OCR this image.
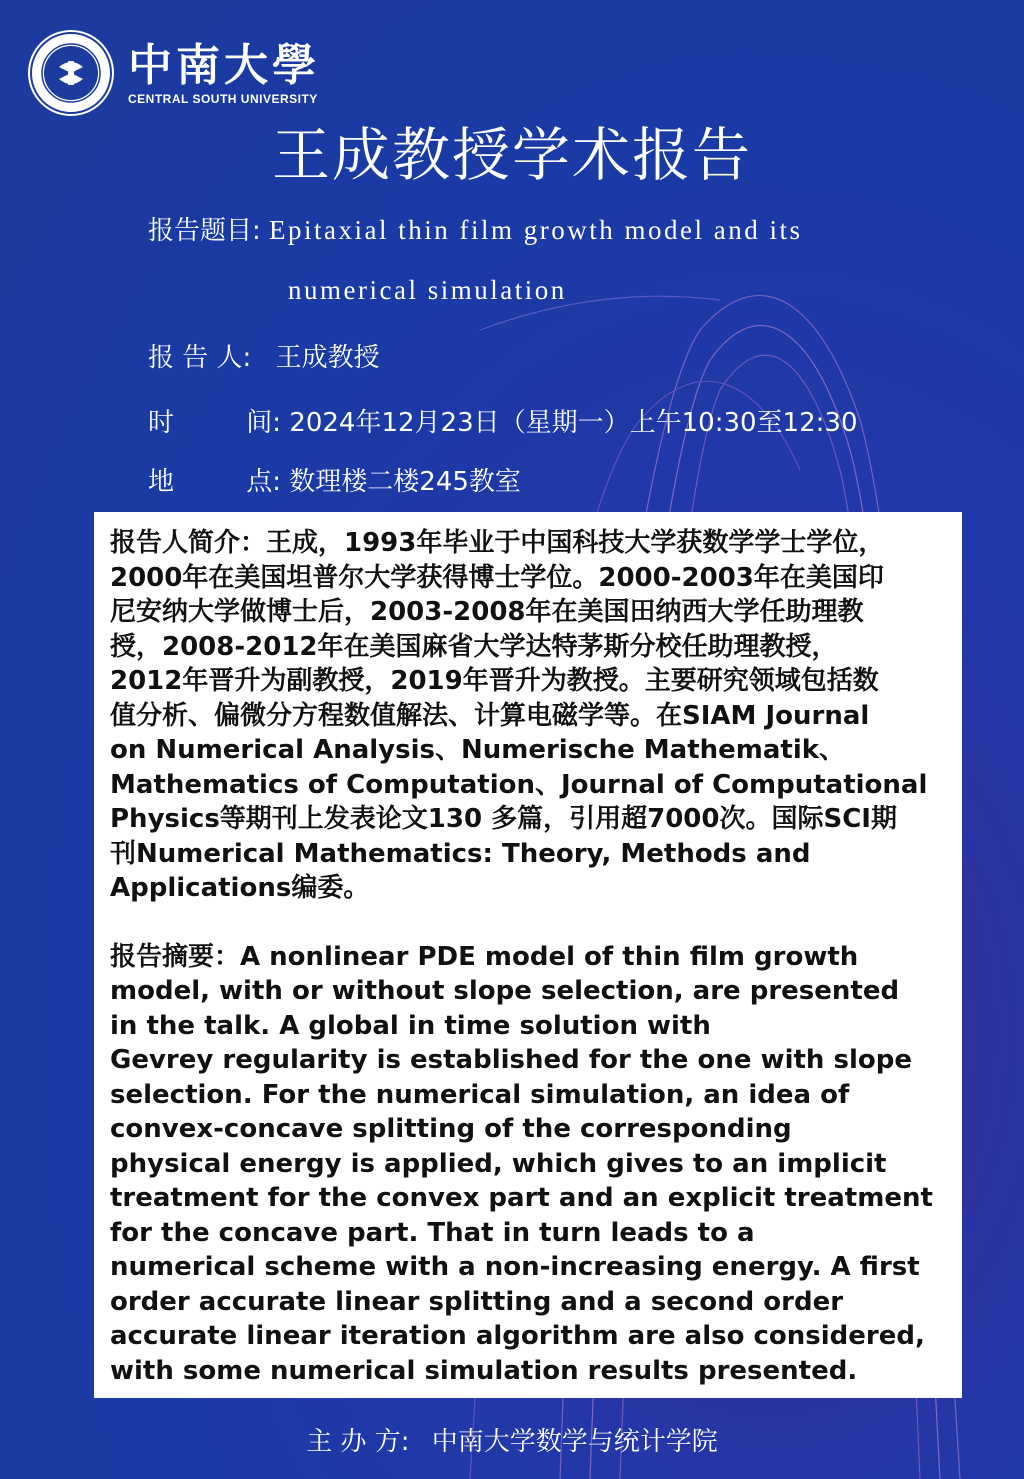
中南大學
CENTRAL SOUTH UNIVERSITY
王成教授学术报告
报告题目: Epitaxial thin film growth model and its
numerical simulation
报 告 人: 王成教授
时	间: 2024年12月23日（星期一）上午10:30至12:30
地	点: 数理楼二楼245教室

报告人简介：王成，1993年毕业于中国科技大学获数学学士学位，

2000年在美国坦普尔大学获得博士学位。2000-2003年在美国印

尼安纳大学做博士后，2003-2008年在美国田纳西大学任助理教

授，2008-2012年在美国麻省大学达特茅斯分校任助理教授，

2012年晋升为副教授，2019年晋升为教授。主要研究领域包括数

值分析、偏微分方程数值解法、计算电磁学等。在SIAM Journal

on Numerical Analysis、Numerische Mathematik、

Mathematics of Computation、Journal of Computational

Physics等期刊上发表论文130 多篇，引用超7000次。国际SCI期

刊Numerical Mathematics: Theory, Methods and

Applications编委。

报告摘要：A nonlinear PDE model of thin film growth

model, with or without slope selection, are presented

in the talk. A global in time solution with

Gevrey regularity is established for the one with slope

selection. For the numerical simulation, an idea of

convex-concave splitting of the corresponding

physical energy is applied, which gives to an implicit

treatment for the convex part and an explicit treatment

for the concave part. That in turn leads to a

numerical scheme with a non-increasing energy. A first

order accurate linear splitting and a second order

accurate linear iteration algorithm are also considered,

with some numerical simulation results presented.

主 办 方: 中南大学数学与统计学院
